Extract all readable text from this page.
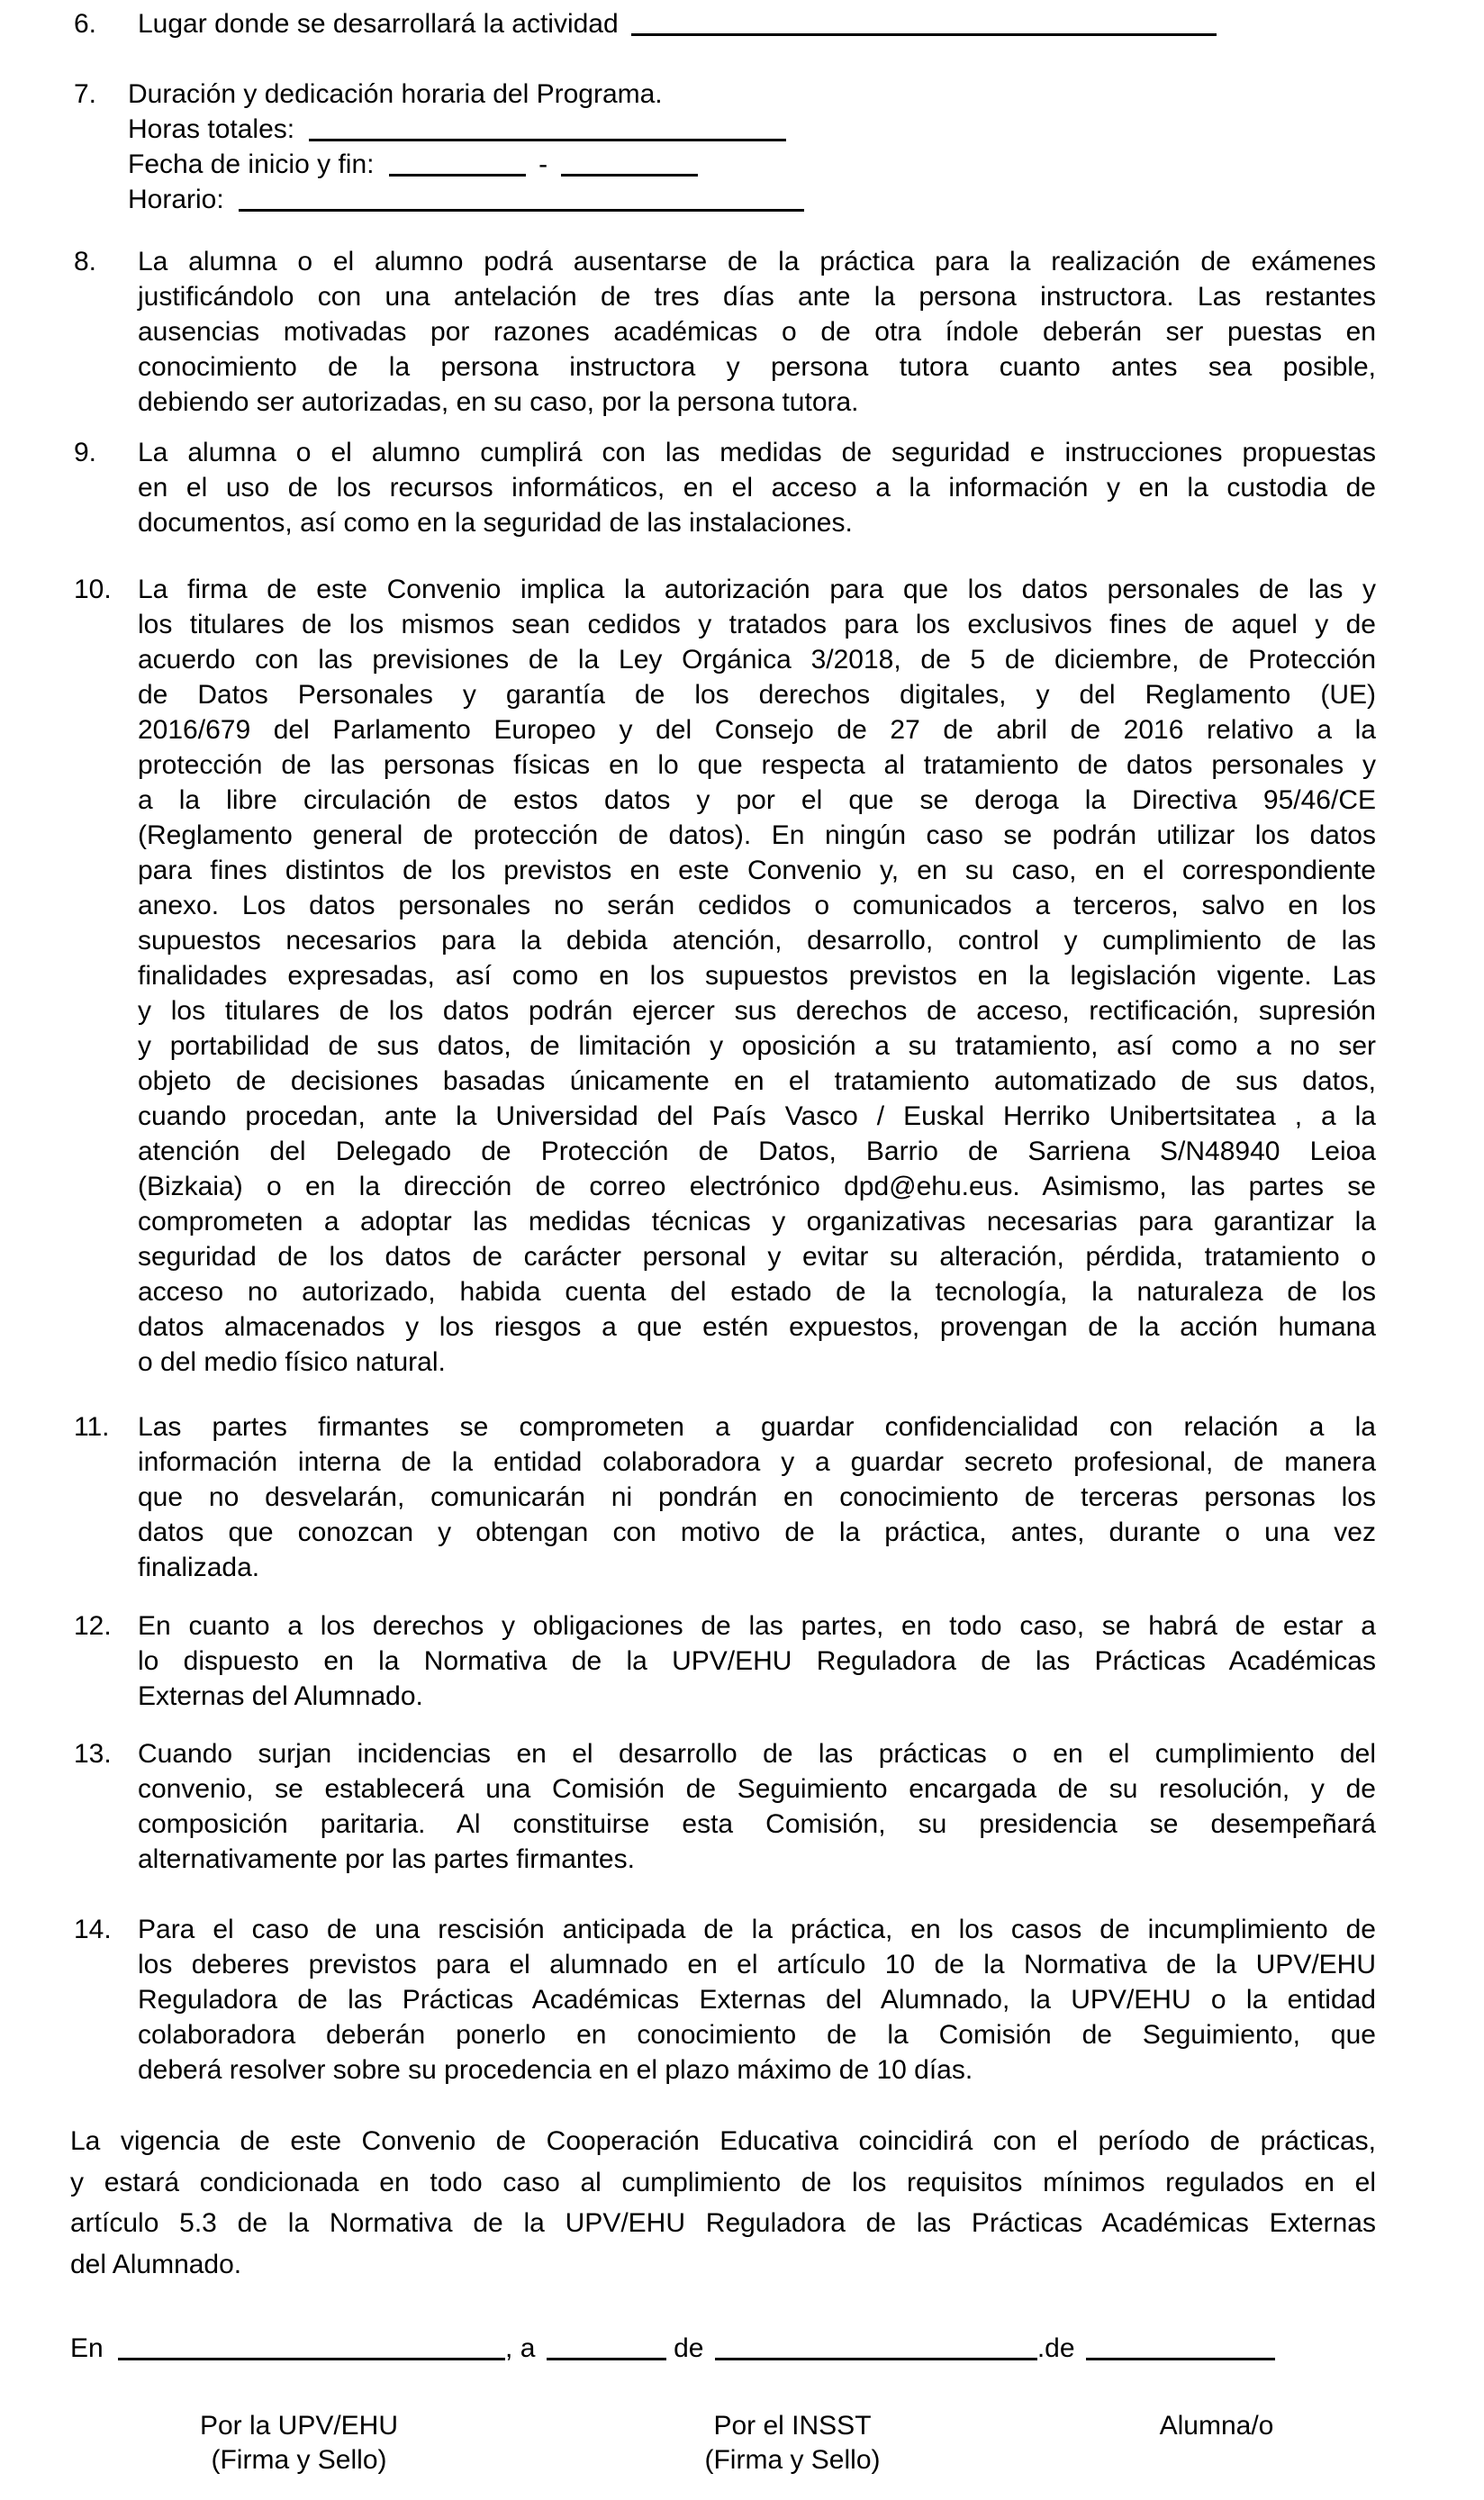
6. Lugar donde se desarrollará la actividad
7. Duración y dedicación horaria del Programa.
Horas totales:
Fecha de inicio y fin:	-
Horario:
8. La alumna o el alumno podrá ausentarse de la práctica para la realización de exámenes
justificándolo con una antelación de tres días ante la persona instructora. Las restantes
ausencias motivadas por razones académicas o de otra índole deberán ser puestas en
conocimiento de la persona instructora y persona tutora cuanto antes sea posible,
debiendo ser autorizadas, en su caso, por la persona tutora.
9. La alumna o el alumno cumplirá con las medidas de seguridad e instrucciones propuestas
en el uso de los recursos informáticos, en el acceso a la información y en la custodia de
documentos, así como en la seguridad de las instalaciones.
10. La firma de este Convenio implica la autorización para que los datos personales de las y
los titulares de los mismos sean cedidos y tratados para los exclusivos fines de aquel y de
acuerdo con las previsiones de la Ley Orgánica 3/2018, de 5 de diciembre, de Protección
de Datos Personales y garantía de los derechos digitales, y del Reglamento (UE)
2016/679 del Parlamento Europeo y del Consejo de 27 de abril de 2016 relativo a la
protección de las personas físicas en lo que respecta al tratamiento de datos personales y
a la libre circulación de estos datos y por el que se deroga la Directiva 95/46/CE
(Reglamento general de protección de datos). En ningún caso se podrán utilizar los datos
para fines distintos de los previstos en este Convenio y, en su caso, en el correspondiente
anexo. Los datos personales no serán cedidos o comunicados a terceros, salvo en los
supuestos necesarios para la debida atención, desarrollo, control y cumplimiento de las
finalidades expresadas, así como en los supuestos previstos en la legislación vigente. Las
y los titulares de los datos podrán ejercer sus derechos de acceso, rectificación, supresión
y portabilidad de sus datos, de limitación y oposición a su tratamiento, así como a no ser
objeto de decisiones basadas únicamente en el tratamiento automatizado de sus datos,
cuando procedan, ante la Universidad del País Vasco / Euskal Herriko Unibertsitatea , a la
atención del Delegado de Protección de Datos, Barrio de Sarriena S/N48940 Leioa
(Bizkaia) o en la dirección de correo electrónico dpd@ehu.eus. Asimismo, las partes se
comprometen a adoptar las medidas técnicas y organizativas necesarias para garantizar la
seguridad de los datos de carácter personal y evitar su alteración, pérdida, tratamiento o
acceso no autorizado, habida cuenta del estado de la tecnología, la naturaleza de los
datos almacenados y los riesgos a que estén expuestos, provengan de la acción humana
o del medio físico natural.
11. Las partes firmantes se comprometen a guardar confidencialidad con relación a la
información interna de la entidad colaboradora y a guardar secreto profesional, de manera
que no desvelarán, comunicarán ni pondrán en conocimiento de terceras personas los
datos que conozcan y obtengan con motivo de la práctica, antes, durante o una vez
finalizada.
12. En cuanto a los derechos y obligaciones de las partes, en todo caso, se habrá de estar a
lo dispuesto en la Normativa de la UPV/EHU Reguladora de las Prácticas Académicas
Externas del Alumnado.
13. Cuando surjan incidencias en el desarrollo de las prácticas o en el cumplimiento del
convenio, se establecerá una Comisión de Seguimiento encargada de su resolución, y de
composición paritaria. Al constituirse esta Comisión, su presidencia se desempeñará
alternativamente por las partes firmantes.
14. Para el caso de una rescisión anticipada de la práctica, en los casos de incumplimiento de
los deberes previstos para el alumnado en el artículo 10 de la Normativa de la UPV/EHU
Reguladora de las Prácticas Académicas Externas del Alumnado, la UPV/EHU o la entidad
colaboradora deberán ponerlo en conocimiento de la Comisión de Seguimiento, que
deberá resolver sobre su procedencia en el plazo máximo de 10 días.
La vigencia de este Convenio de Cooperación Educativa coincidirá con el período de prácticas,
y estará condicionada en todo caso al cumplimiento de los requisitos mínimos regulados en el
artículo 5.3 de la Normativa de la UPV/EHU Reguladora de las Prácticas Académicas Externas
del Alumnado.
En	, a	de	.de
Por la UPV/EHU
(Firma y Sello)
Por el INSST
(Firma y Sello)
Alumna/o
